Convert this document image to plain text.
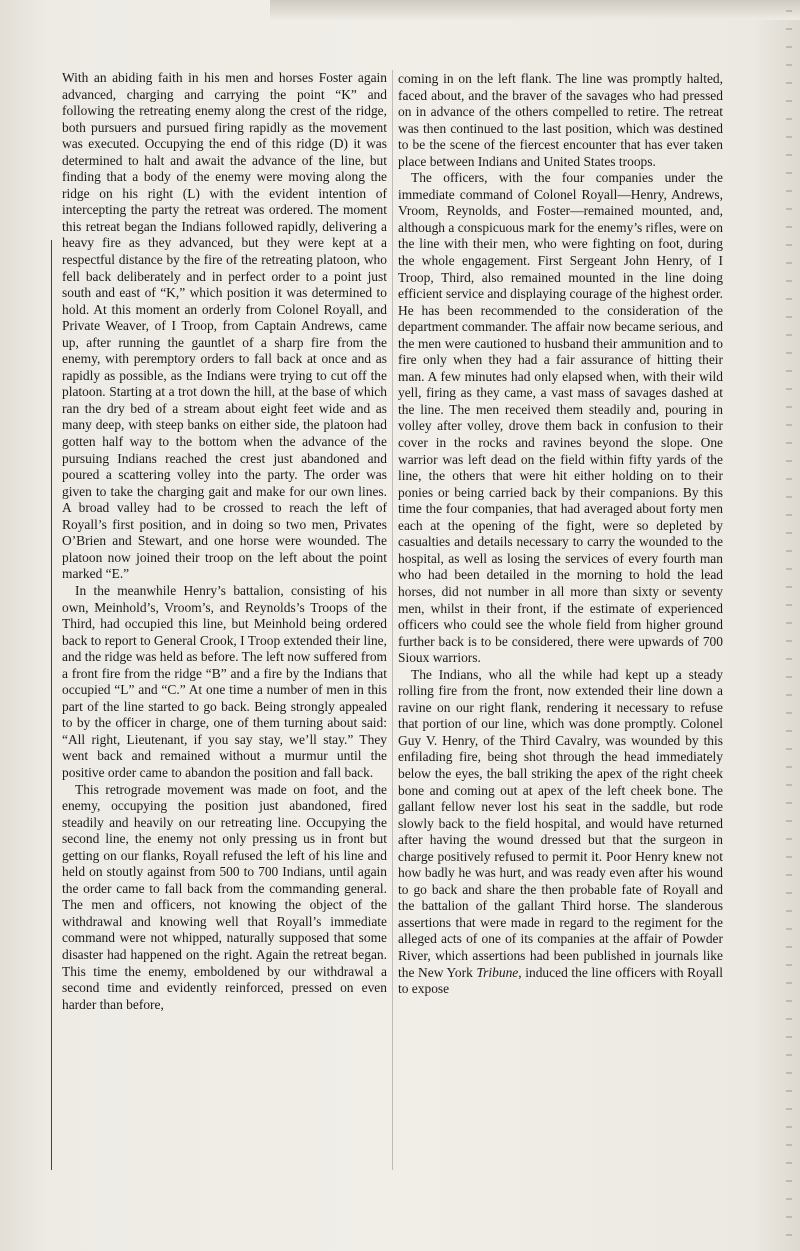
With an abiding faith in his men and horses Foster again advanced, charging and carrying the point “K” and following the retreating enemy along the crest of the ridge, both pursuers and pursued firing rapidly as the movement was executed. Occupying the end of this ridge (D) it was determined to halt and await the advance of the line, but finding that a body of the enemy were moving along the ridge on his right (L) with the evident intention of intercepting the party the retreat was ordered. The moment this retreat began the Indians followed rapidly, delivering a heavy fire as they advanced, but they were kept at a respectful distance by the fire of the retreating platoon, who fell back deliberately and in perfect order to a point just south and east of “K,” which position it was determined to hold. At this moment an orderly from Colonel Royall, and Private Weaver, of I Troop, from Captain Andrews, came up, after running the gauntlet of a sharp fire from the enemy, with peremptory orders to fall back at once and as rapidly as possible, as the Indians were trying to cut off the platoon. Starting at a trot down the hill, at the base of which ran the dry bed of a stream about eight feet wide and as many deep, with steep banks on either side, the platoon had gotten half way to the bottom when the advance of the pursuing Indians reached the crest just abandoned and poured a scattering volley into the party. The order was given to take the charging gait and make for our own lines. A broad valley had to be crossed to reach the left of Royall’s first position, and in doing so two men, Privates O’Brien and Stewart, and one horse were wounded. The platoon now joined their troop on the left about the point marked “E.”

In the meanwhile Henry’s battalion, consisting of his own, Meinhold’s, Vroom’s, and Reynolds’s Troops of the Third, had occupied this line, but Meinhold being ordered back to report to General Crook, I Troop extended their line, and the ridge was held as before. The left now suffered from a front fire from the ridge “B” and a fire by the Indians that occupied “L” and “C.” At one time a number of men in this part of the line started to go back. Being strongly appealed to by the officer in charge, one of them turning about said: “All right, Lieutenant, if you say stay, we’ll stay.” They went back and remained without a murmur until the positive order came to abandon the position and fall back.

This retrograde movement was made on foot, and the enemy, occupying the position just abandoned, fired steadily and heavily on our retreating line. Occupying the second line, the enemy not only pressing us in front but getting on our flanks, Royall refused the left of his line and held on stoutly against from 500 to 700 Indians, until again the order came to fall back from the commanding general. The men and officers, not knowing the object of the withdrawal and knowing well that Royall’s immediate command were not whipped, naturally supposed that some disaster had happened on the right. Again the retreat began. This time the enemy, emboldened by our withdrawal a second time and evidently reinforced, pressed on even harder than before,

coming in on the left flank. The line was promptly halted, faced about, and the braver of the savages who had pressed on in advance of the others compelled to retire. The retreat was then continued to the last position, which was destined to be the scene of the fiercest encounter that has ever taken place between Indians and United States troops.

The officers, with the four companies under the immediate command of Colonel Royall—Henry, Andrews, Vroom, Reynolds, and Foster—remained mounted, and, although a conspicuous mark for the enemy’s rifles, were on the line with their men, who were fighting on foot, during the whole engagement. First Sergeant John Henry, of I Troop, Third, also remained mounted in the line doing efficient service and displaying courage of the highest order. He has been recommended to the consideration of the department commander. The affair now became serious, and the men were cautioned to husband their ammunition and to fire only when they had a fair assurance of hitting their man. A few minutes had only elapsed when, with their wild yell, firing as they came, a vast mass of savages dashed at the line. The men received them steadily and, pouring in volley after volley, drove them back in confusion to their cover in the rocks and ravines beyond the slope. One warrior was left dead on the field within fifty yards of the line, the others that were hit either holding on to their ponies or being carried back by their companions. By this time the four companies, that had averaged about forty men each at the opening of the fight, were so depleted by casualties and details necessary to carry the wounded to the hospital, as well as losing the services of every fourth man who had been detailed in the morning to hold the lead horses, did not number in all more than sixty or seventy men, whilst in their front, if the estimate of experienced officers who could see the whole field from higher ground further back is to be considered, there were upwards of 700 Sioux warriors.

The Indians, who all the while had kept up a steady rolling fire from the front, now extended their line down a ravine on our right flank, rendering it necessary to refuse that portion of our line, which was done promptly. Colonel Guy V. Henry, of the Third Cavalry, was wounded by this enfilading fire, being shot through the head immediately below the eyes, the ball striking the apex of the right cheek bone and coming out at apex of the left cheek bone. The gallant fellow never lost his seat in the saddle, but rode slowly back to the field hospital, and would have returned after having the wound dressed but that the surgeon in charge positively refused to permit it. Poor Henry knew not how badly he was hurt, and was ready even after his wound to go back and share the then probable fate of Royall and the battalion of the gallant Third horse. The slanderous assertions that were made in regard to the regiment for the alleged acts of one of its companies at the affair of Powder River, which assertions had been published in journals like the New York Tribune, induced the line officers with Royall to expose
